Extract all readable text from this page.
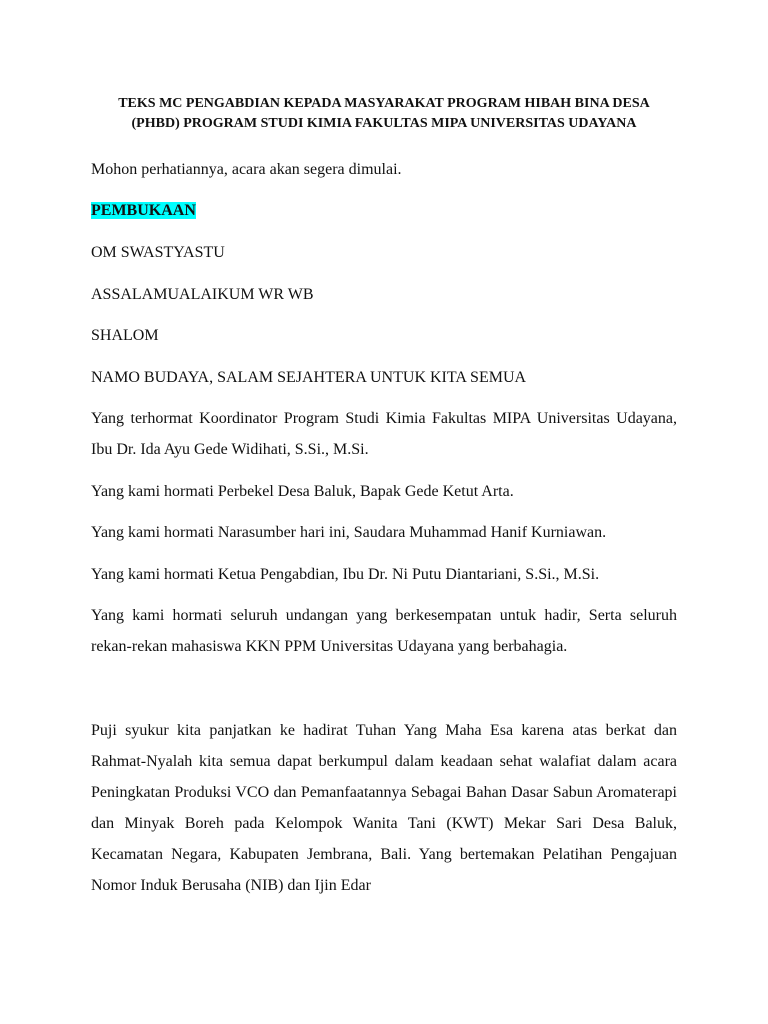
TEKS MC PENGABDIAN KEPADA MASYARAKAT PROGRAM HIBAH BINA DESA
(PHBD) PROGRAM STUDI KIMIA FAKULTAS MIPA UNIVERSITAS UDAYANA

Mohon perhatiannya, acara akan segera dimulai.

PEMBUKAAN

OM SWASTYASTU

ASSALAMUALAIKUM WR WB

SHALOM

NAMO BUDAYA, SALAM SEJAHTERA UNTUK KITA SEMUA

Yang terhormat Koordinator Program Studi Kimia Fakultas MIPA Universitas Udayana, Ibu Dr. Ida Ayu Gede Widihati, S.Si., M.Si.

Yang kami hormati Perbekel Desa Baluk, Bapak Gede Ketut Arta.

Yang kami hormati Narasumber hari ini, Saudara Muhammad Hanif Kurniawan.

Yang kami hormati Ketua Pengabdian, Ibu Dr. Ni Putu Diantariani, S.Si., M.Si.

Yang kami hormati seluruh undangan yang berkesempatan untuk hadir, Serta seluruh rekan-rekan mahasiswa KKN PPM Universitas Udayana yang berbahagia.

Puji syukur kita panjatkan ke hadirat Tuhan Yang Maha Esa karena atas berkat dan Rahmat-Nyalah kita semua dapat berkumpul dalam keadaan sehat walafiat dalam acara Peningkatan Produksi VCO dan Pemanfaatannya Sebagai Bahan Dasar Sabun Aromaterapi dan Minyak Boreh pada Kelompok Wanita Tani (KWT) Mekar Sari Desa Baluk, Kecamatan Negara, Kabupaten Jembrana, Bali. Yang bertemakan Pelatihan Pengajuan Nomor Induk Berusaha (NIB) dan Ijin Edar
